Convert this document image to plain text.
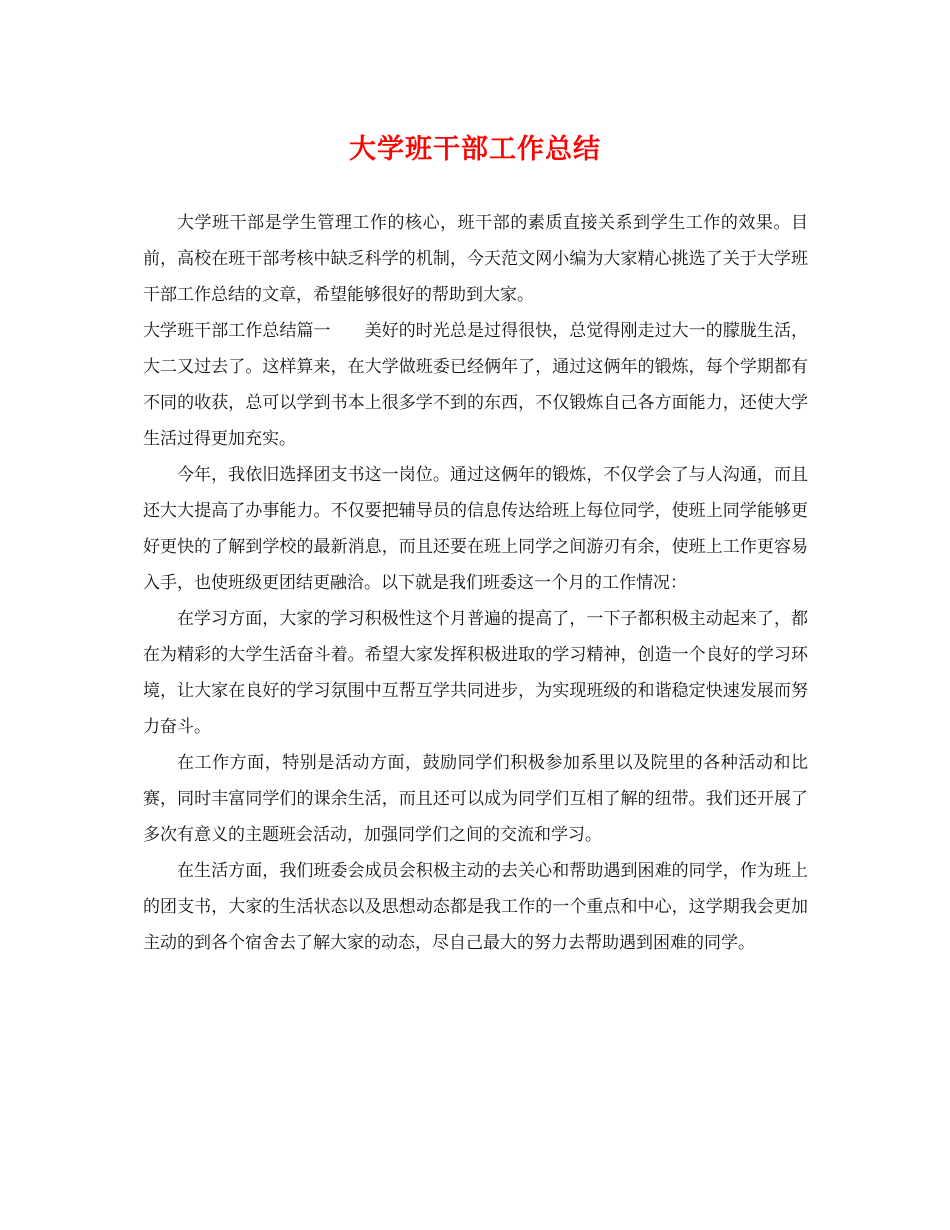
大学班干部工作总结

大学班干部是学生管理工作的核心，班干部的素质直接关系到学生工作的效果。目前，高校在班干部考核中缺乏科学的机制，今天范文网小编为大家精心挑选了关于大学班干部工作总结的文章，希望能够很好的帮助到大家。

大学班干部工作总结篇一 美好的时光总是过得很快，总觉得刚走过大一的朦胧生活，大二又过去了。这样算来，在大学做班委已经俩年了，通过这俩年的锻炼，每个学期都有不同的收获，总可以学到书本上很多学不到的东西，不仅锻炼自己各方面能力，还使大学生活过得更加充实。

今年，我依旧选择团支书这一岗位。通过这俩年的锻炼，不仅学会了与人沟通，而且还大大提高了办事能力。不仅要把辅导员的信息传达给班上每位同学，使班上同学能够更好更快的了解到学校的最新消息，而且还要在班上同学之间游刃有余，使班上工作更容易入手，也使班级更团结更融洽。以下就是我们班委这一个月的工作情况：

在学习方面，大家的学习积极性这个月普遍的提高了，一下子都积极主动起来了，都在为精彩的大学生活奋斗着。希望大家发挥积极进取的学习精神，创造一个良好的学习环境，让大家在良好的学习氛围中互帮互学共同进步，为实现班级的和谐稳定快速发展而努力奋斗。

在工作方面，特别是活动方面，鼓励同学们积极参加系里以及院里的各种活动和比赛，同时丰富同学们的课余生活，而且还可以成为同学们互相了解的纽带。我们还开展了多次有意义的主题班会活动，加强同学们之间的交流和学习。

在生活方面，我们班委会成员会积极主动的去关心和帮助遇到困难的同学，作为班上的团支书，大家的生活状态以及思想动态都是我工作的一个重点和中心，这学期我会更加主动的到各个宿舍去了解大家的动态，尽自己最大的努力去帮助遇到困难的同学。
